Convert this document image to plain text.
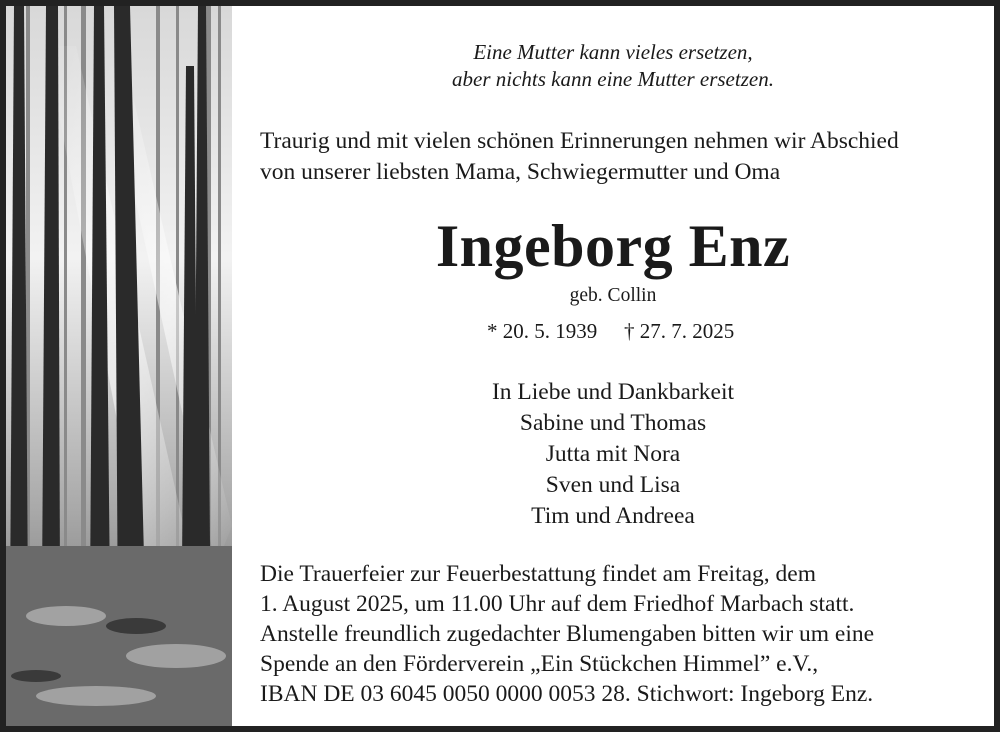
Eine Mutter kann vieles ersetzen,
aber nichts kann eine Mutter ersetzen.
Traurig und mit vielen schönen Erinnerungen nehmen wir Abschied
von unserer liebsten Mama, Schwiegermutter und Oma
Ingeborg Enz
geb. Collin
* 20. 5. 1939 † 27. 7. 2025
In Liebe und Dankbarkeit
Sabine und Thomas
Jutta mit Nora
Sven und Lisa
Tim und Andreea
Die Trauerfeier zur Feuerbestattung findet am Freitag, dem
1. August 2025, um 11.00 Uhr auf dem Friedhof Marbach statt.
Anstelle freundlich zugedachter Blumengaben bitten wir um eine
Spende an den Förderverein „Ein Stückchen Himmel” e.V.,
IBAN DE 03 6045 0050 0000 0053 28. Stichwort: Ingeborg Enz.
